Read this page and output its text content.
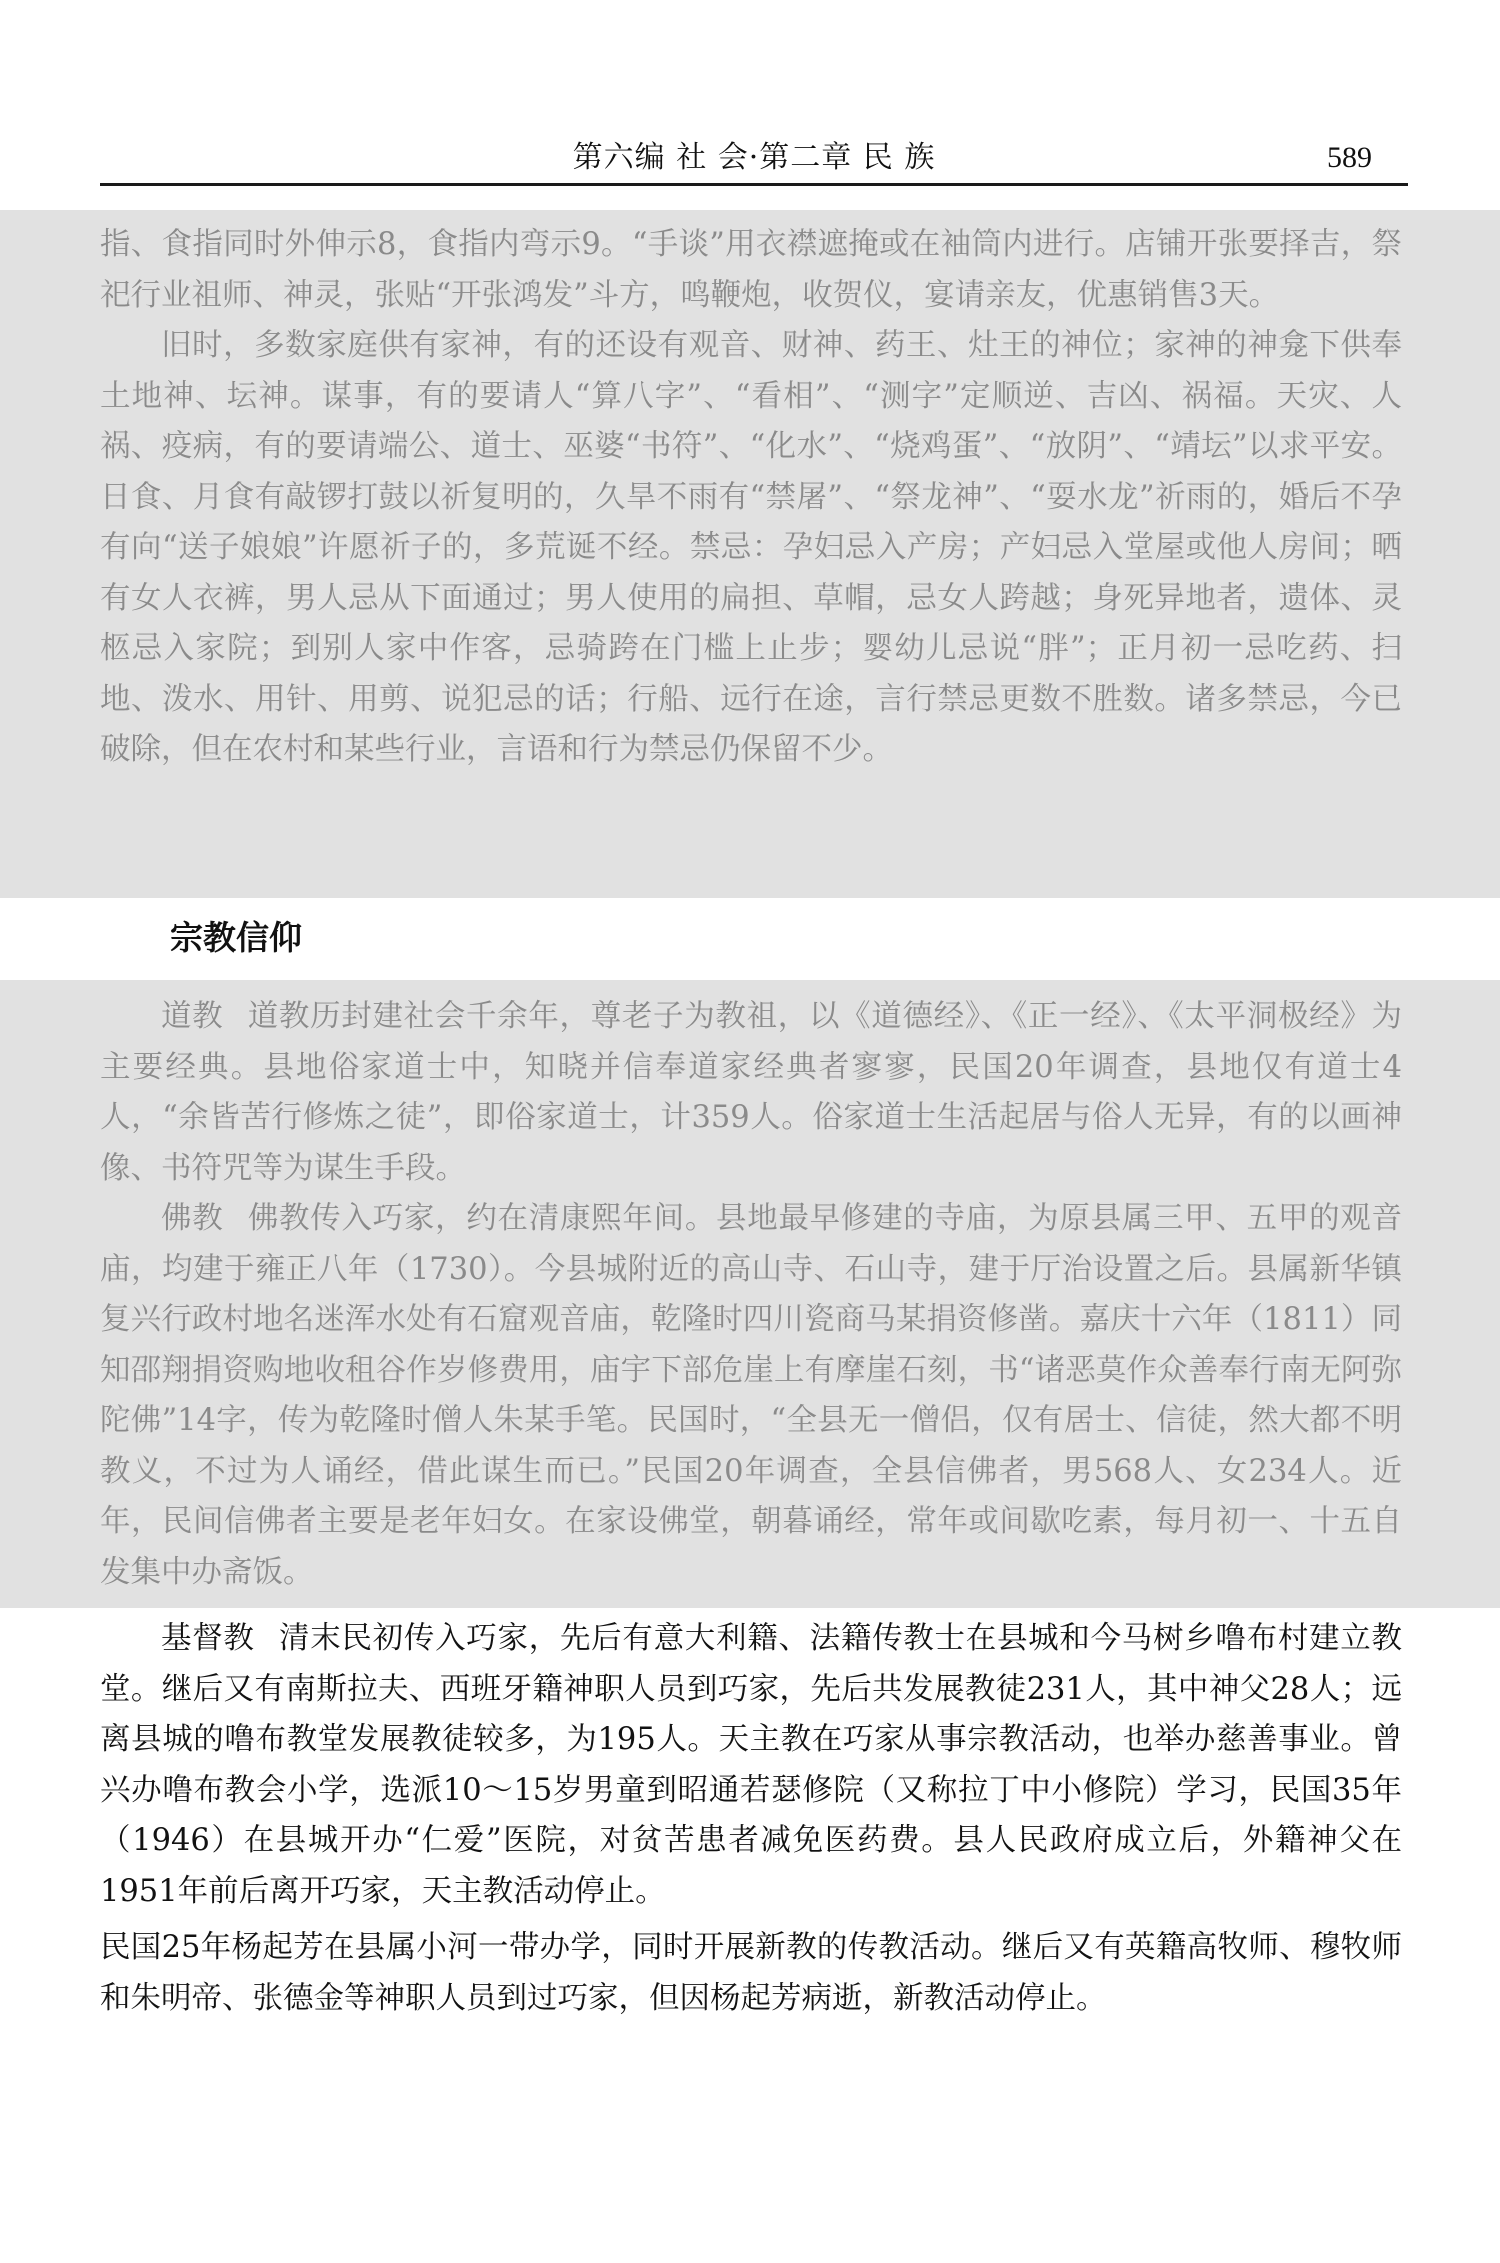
第六编 社 会·第二章 民 族	589

指、食指同时外伸示8，食指内弯示9。“手谈”用衣襟遮掩或在袖筒内进行。店铺开张要择吉，祭祀行业祖师、神灵，张贴“开张鸿发”斗方，鸣鞭炮，收贺仪，宴请亲友，优惠销售3天。

旧时，多数家庭供有家神，有的还设有观音、财神、药王、灶王的神位；家神的神龛下供奉土地神、坛神。谋事，有的要请人“算八字”、“看相”、“测字”定顺逆、吉凶、祸福。天灾、人祸、疫病，有的要请端公、道士、巫婆“书符”、“化水”、“烧鸡蛋”、“放阴”、“靖坛”以求平安。日食、月食有敲锣打鼓以祈复明的，久旱不雨有“禁屠”、“祭龙神”、“耍水龙”祈雨的，婚后不孕有向“送子娘娘”许愿祈子的，多荒诞不经。禁忌：孕妇忌入产房；产妇忌入堂屋或他人房间；晒有女人衣裤，男人忌从下面通过；男人使用的扁担、草帽，忌女人跨越；身死异地者，遗体、灵柩忌入家院；到别人家中作客，忌骑跨在门槛上止步；婴幼儿忌说“胖”；正月初一忌吃药、扫地、泼水、用针、用剪、说犯忌的话；行船、远行在途，言行禁忌更数不胜数。诸多禁忌，今已破除，但在农村和某些行业，言语和行为禁忌仍保留不少。

宗教信仰

道教 道教历封建社会千余年，尊老子为教祖，以《道德经》、《正一经》、《太平洞极经》为主要经典。县地俗家道士中，知晓并信奉道家经典者寥寥，民国20年调查，县地仅有道士4人，“余皆苦行修炼之徒”，即俗家道士，计359人。俗家道士生活起居与俗人无异，有的以画神像、书符咒等为谋生手段。

佛教 佛教传入巧家，约在清康熙年间。县地最早修建的寺庙，为原县属三甲、五甲的观音庙，均建于雍正八年（1730）。今县城附近的高山寺、石山寺，建于厅治设置之后。县属新华镇复兴行政村地名迷浑水处有石窟观音庙，乾隆时四川瓷商马某捐资修凿。嘉庆十六年（1811）同知邵翔捐资购地收租谷作岁修费用，庙宇下部危崖上有摩崖石刻，书“诸恶莫作众善奉行南无阿弥陀佛”14字，传为乾隆时僧人朱某手笔。民国时，“全县无一僧侣，仅有居士、信徒，然大都不明教义，不过为人诵经，借此谋生而已。”民国20年调查，全县信佛者，男568人、女234人。近年，民间信佛者主要是老年妇女。在家设佛堂，朝暮诵经，常年或间歇吃素，每月初一、十五自发集中办斋饭。

基督教 清末民初传入巧家，先后有意大利籍、法籍传教士在县城和今马树乡噜布村建立教堂。继后又有南斯拉夫、西班牙籍神职人员到巧家，先后共发展教徒231人，其中神父28人；远离县城的噜布教堂发展教徒较多，为195人。天主教在巧家从事宗教活动，也举办慈善事业。曾兴办噜布教会小学，选派10～15岁男童到昭通若瑟修院（又称拉丁中小修院）学习，民国35年（1946）在县城开办“仁爱”医院，对贫苦患者减免医药费。县人民政府成立后，外籍神父在1951年前后离开巧家，天主教活动停止。

民国25年杨起芳在县属小河一带办学，同时开展新教的传教活动。继后又有英籍高牧师、穆牧师和朱明帝、张德金等神职人员到过巧家，但因杨起芳病逝，新教活动停止。
